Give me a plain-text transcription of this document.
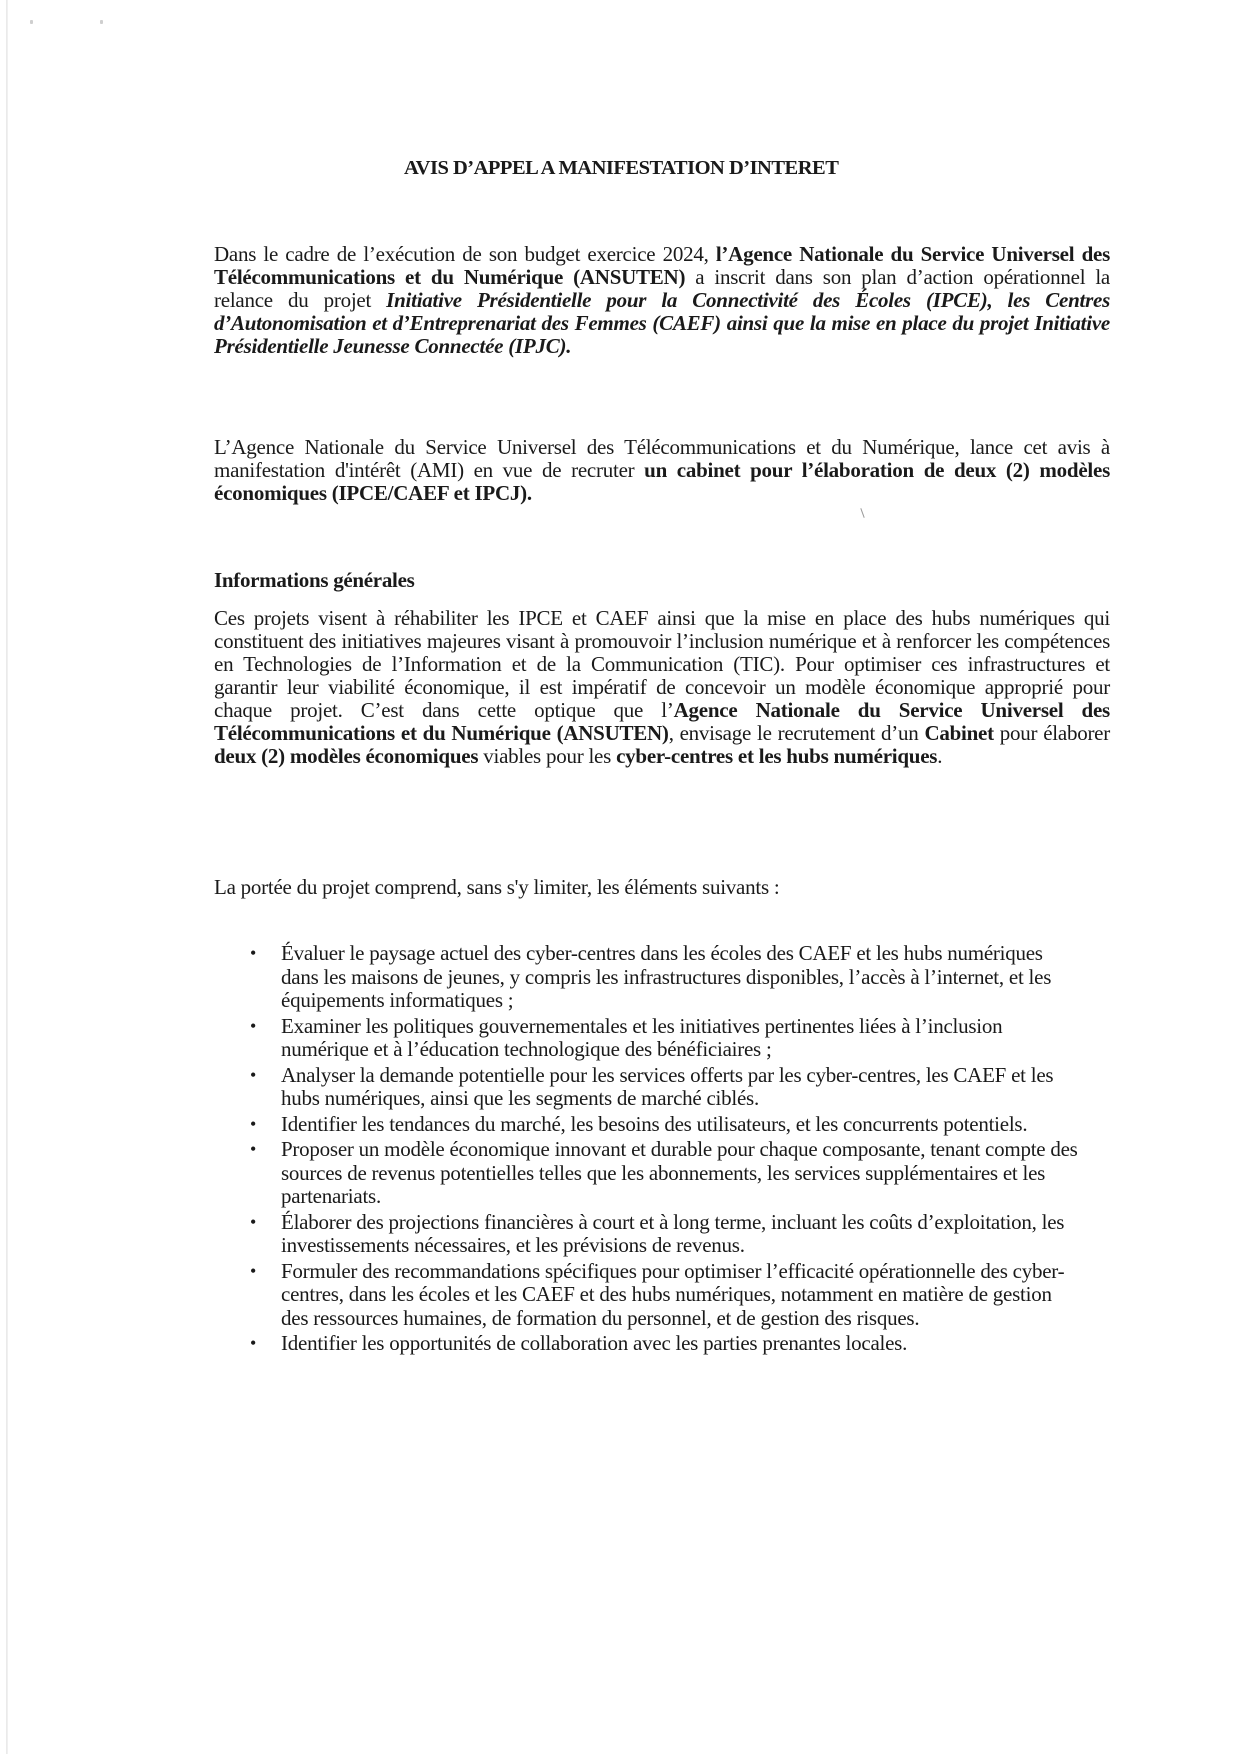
AVIS D’APPEL A MANIFESTATION D’INTERET

Dans le cadre de l’exécution de son budget exercice 2024, l’Agence Nationale du Service Universel des Télécommunications et du Numérique (ANSUTEN) a inscrit dans son plan d’action opérationnel la relance du projet Initiative Présidentielle pour la Connectivité des Écoles (IPCE), les Centres d’Autonomisation et d’Entreprenariat des Femmes (CAEF) ainsi que la mise en place du projet Initiative Présidentielle Jeunesse Connectée (IPJC).

L’Agence Nationale du Service Universel des Télécommunications et du Numérique, lance cet avis à manifestation d'intérêt (AMI) en vue de recruter un cabinet pour l’élaboration de deux (2) modèles économiques (IPCE/CAEF et IPCJ).

Informations générales

Ces projets visent à réhabiliter les IPCE et CAEF ainsi que la mise en place des hubs numériques qui constituent des initiatives majeures visant à promouvoir l’inclusion numérique et à renforcer les compétences en Technologies de l’Information et de la Communication (TIC). Pour optimiser ces infrastructures et garantir leur viabilité économique, il est impératif de concevoir un modèle économique approprié pour chaque projet. C’est dans cette optique que l’Agence Nationale du Service Universel des Télécommunications et du Numérique (ANSUTEN), envisage le recrutement d’un Cabinet pour élaborer deux (2) modèles économiques viables pour les cyber-centres et les hubs numériques.

La portée du projet comprend, sans s'y limiter, les éléments suivants :

• Évaluer le paysage actuel des cyber-centres dans les écoles des CAEF et les hubs numériques dans les maisons de jeunes, y compris les infrastructures disponibles, l’accès à l’internet, et les équipements informatiques ;
• Examiner les politiques gouvernementales et les initiatives pertinentes liées à l’inclusion numérique et à l’éducation technologique des bénéficiaires ;
• Analyser la demande potentielle pour les services offerts par les cyber-centres, les CAEF et les hubs numériques, ainsi que les segments de marché ciblés.
• Identifier les tendances du marché, les besoins des utilisateurs, et les concurrents potentiels.
• Proposer un modèle économique innovant et durable pour chaque composante, tenant compte des sources de revenus potentielles telles que les abonnements, les services supplémentaires et les partenariats.
• Élaborer des projections financières à court et à long terme, incluant les coûts d’exploitation, les investissements nécessaires, et les prévisions de revenus.
• Formuler des recommandations spécifiques pour optimiser l’efficacité opérationnelle des cyber-centres, dans les écoles et les CAEF et des hubs numériques, notamment en matière de gestion des ressources humaines, de formation du personnel, et de gestion des risques.
• Identifier les opportunités de collaboration avec les parties prenantes locales.
